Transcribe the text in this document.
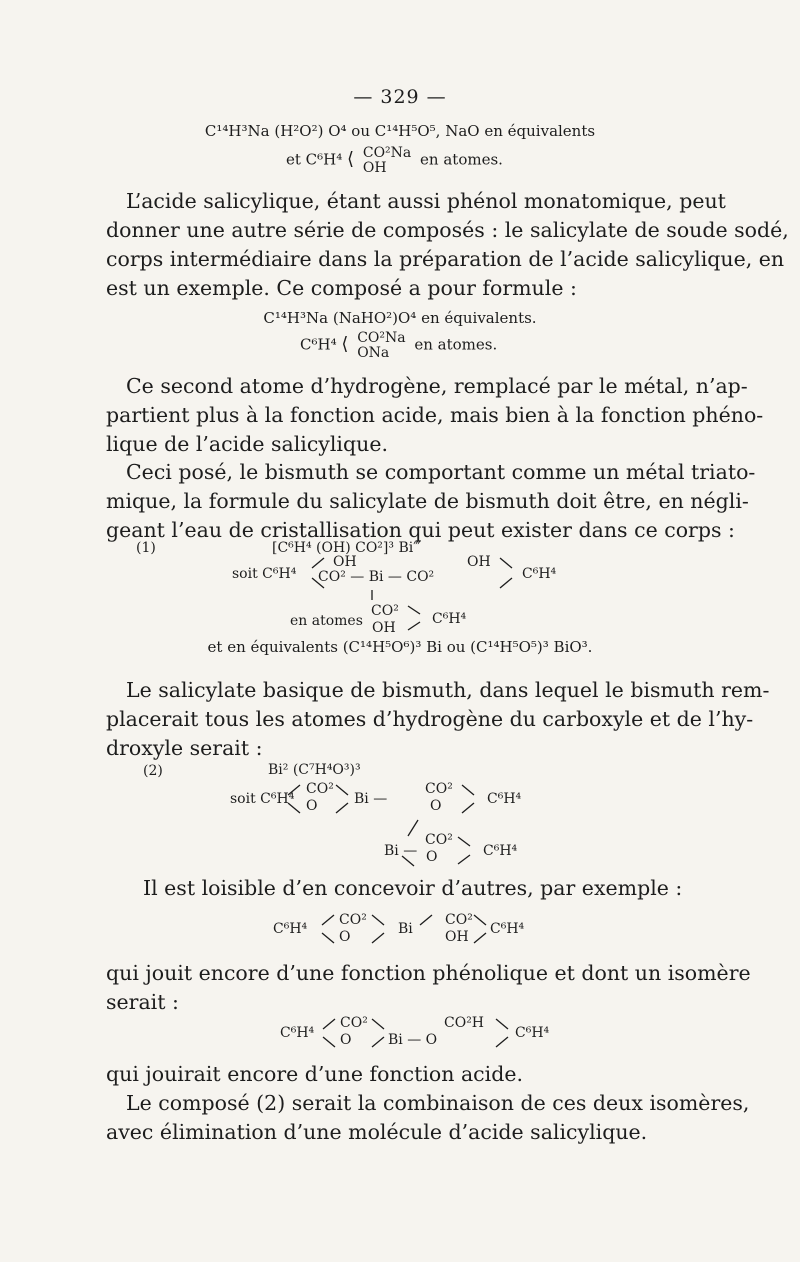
— 329 —
C¹⁴H³Na (H²O²) O⁴ ou C¹⁴H⁵O⁵, NaO en équivalents
et C⁶H⁴ ⟨ CO²Na
OH en atomes.
L’acide salicylique, étant aussi phénol monatomique, peut
donner une autre série de composés : le salicylate de soude sodé,
corps intermédiaire dans la préparation de l’acide salicylique, en
est un exemple. Ce composé a pour formule :
C¹⁴H³Na (NaHO²)O⁴ en équivalents.
C⁶H⁴ ⟨ CO²Na
ONa en atomes.
Ce second atome d’hydrogène, remplacé par le métal, n’ap-
partient plus à la fonction acide, mais bien à la fonction phéno-
lique de l’acide salicylique.
Ceci posé, le bismuth se comportant comme un métal triato-
mique, la formule du salicylate de bismuth doit être, en négli-
geant l’eau de cristallisation qui peut exister dans ce corps :
(1)	[C⁶H⁴ (OH) CO²]³ Bi‴
soit C⁶H⁴
OH	OH
CO² — Bi — CO²	C⁶H⁴
en atomes
CO²
OH
C⁶H⁴
et en équivalents (C¹⁴H⁵O⁶)³ Bi ou (C¹⁴H⁵O⁵)³ BiO³.
Le salicylate basique de bismuth, dans lequel le bismuth rem-
placerait tous les atomes d’hydrogène du carboxyle et de l’hy-
droxyle serait :
(2)	Bi² (C⁷H⁴O³)³
soit C⁶H⁴
CO²
O	Bi —
CO²
O	C⁶H⁴
Bi —
CO²
O	C⁶H⁴
Il est loisible d’en concevoir d’autres, par exemple :
C⁶H⁴
CO²
O	Bi
CO²
OH C⁶H⁴
qui jouit encore d’une fonction phénolique et dont un isomère
serait :
C⁶H⁴
CO²
O	Bi — O
CO²H
C⁶H⁴
qui jouirait encore d’une fonction acide.
Le composé (2) serait la combinaison de ces deux isomères,
avec élimination d’une molécule d’acide salicylique.
